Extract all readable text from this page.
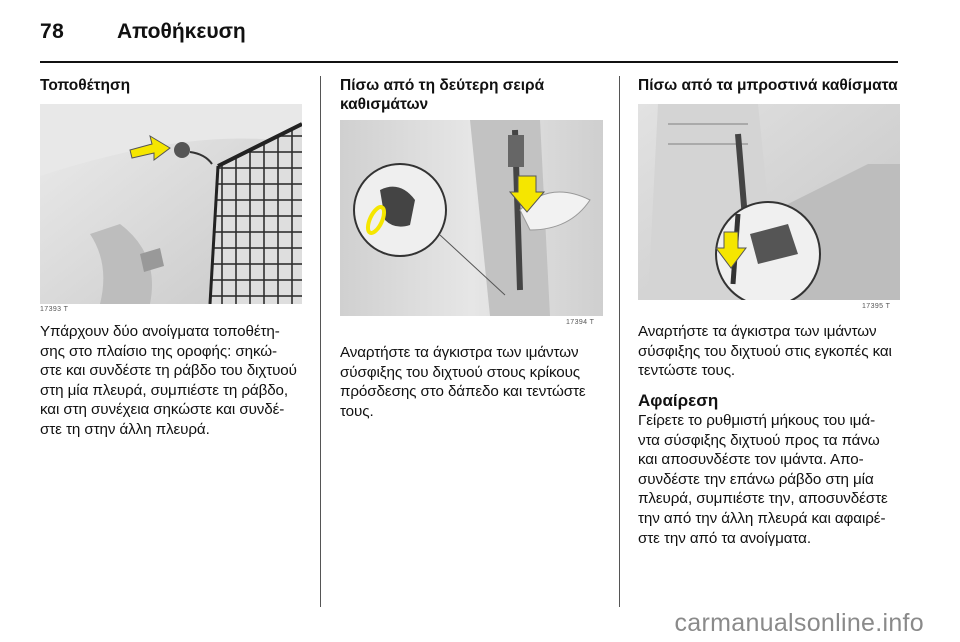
78	Αποθήκευση
Τοποθέτηση
17393 T

Υπάρχουν δύο ανοίγματα τοποθέτη-

σης στο πλαίσιο της οροφής: σηκώ-

στε και συνδέστε τη ράβδο του διχτυού

στη μία πλευρά, συμπιέστε τη ράβδο,

και στη συνέχεια σηκώστε και συνδέ-

στε τη στην άλλη πλευρά.

Πίσω από τη δεύτερη σειρά
καθισμάτων
17394 T

Αναρτήστε τα άγκιστρα των ιμάντων

σύσφιξης του διχτυού στους κρίκους

πρόσδεσης στο δάπεδο και τεντώστε

τους.

Πίσω από τα μπροστινά καθίσματα
17395 T

Αναρτήστε τα άγκιστρα των ιμάντων

σύσφιξης του διχτυού στις εγκοπές και

τεντώστε τους.

Αφαίρεση

Γείρετε το ρυθμιστή μήκους του ιμά-

ντα σύσφιξης διχτυού προς τα πάνω

και αποσυνδέστε τον ιμάντα. Απο-

συνδέστε την επάνω ράβδο στη μία

πλευρά, συμπιέστε την, αποσυνδέστε

την από την άλλη πλευρά και αφαιρέ-

στε την από τα ανοίγματα.

carmanualsonline.info
